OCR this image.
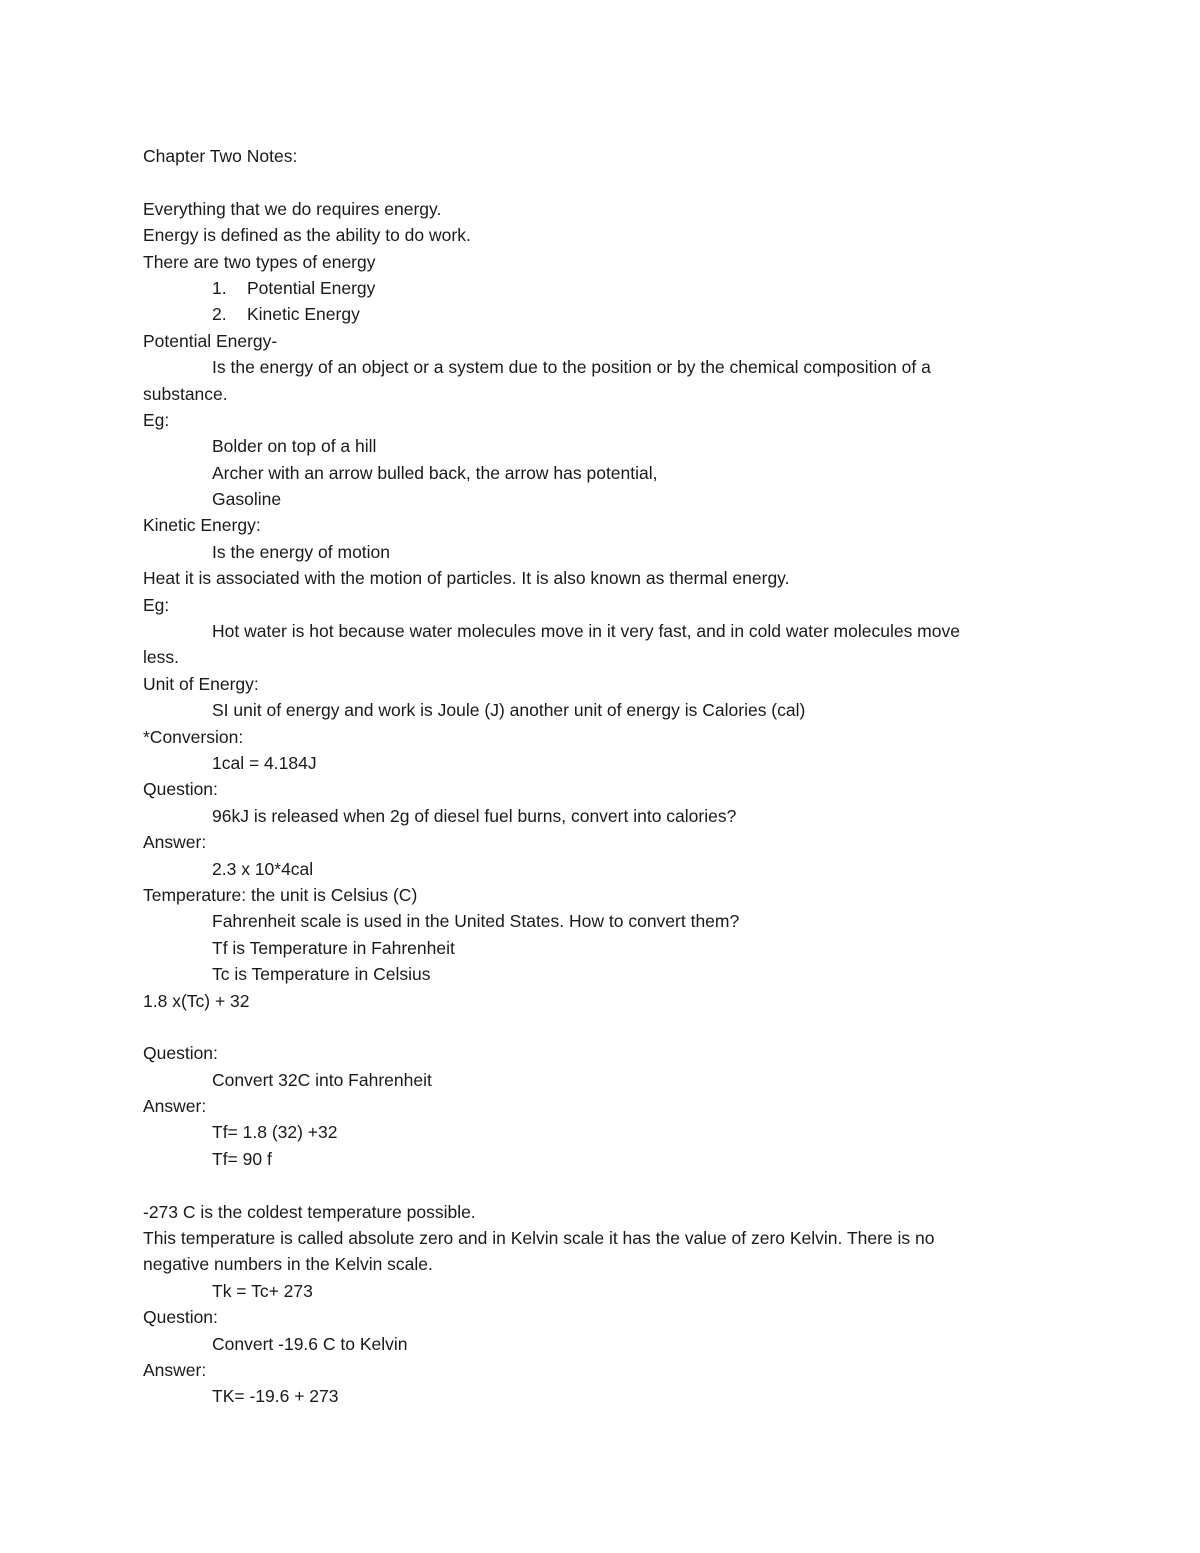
Chapter Two Notes:
Everything that we do requires energy.
Energy is defined as the ability to do work.
There are two types of energy
1. Potential Energy
2. Kinetic Energy
Potential Energy-
Is the energy of an object or a system due to the position or by the chemical composition of a
substance.
Eg:
Bolder on top of a hill
Archer with an arrow bulled back, the arrow has potential,
Gasoline
Kinetic Energy:
Is the energy of motion
Heat it is associated with the motion of particles. It is also known as thermal energy.
Eg:
Hot water is hot because water molecules move in it very fast, and in cold water molecules move
less.
Unit of Energy:
SI unit of energy and work is Joule (J) another unit of energy is Calories (cal)
*Conversion:
1cal = 4.184J
Question:
96kJ is released when 2g of diesel fuel burns, convert into calories?
Answer:
2.3 x 10*4cal
Temperature: the unit is Celsius (C)
Fahrenheit scale is used in the United States. How to convert them?
Tf is Temperature in Fahrenheit
Tc is Temperature in Celsius
1.8 x(Tc) + 32
Question:
Convert 32C into Fahrenheit
Answer:
Tf= 1.8 (32) +32
Tf= 90 f
-273 C is the coldest temperature possible.
This temperature is called absolute zero and in Kelvin scale it has the value of zero Kelvin. There is no
negative numbers in the Kelvin scale.
Tk = Tc+ 273
Question:
Convert -19.6 C to Kelvin
Answer:
TK= -19.6 + 273
